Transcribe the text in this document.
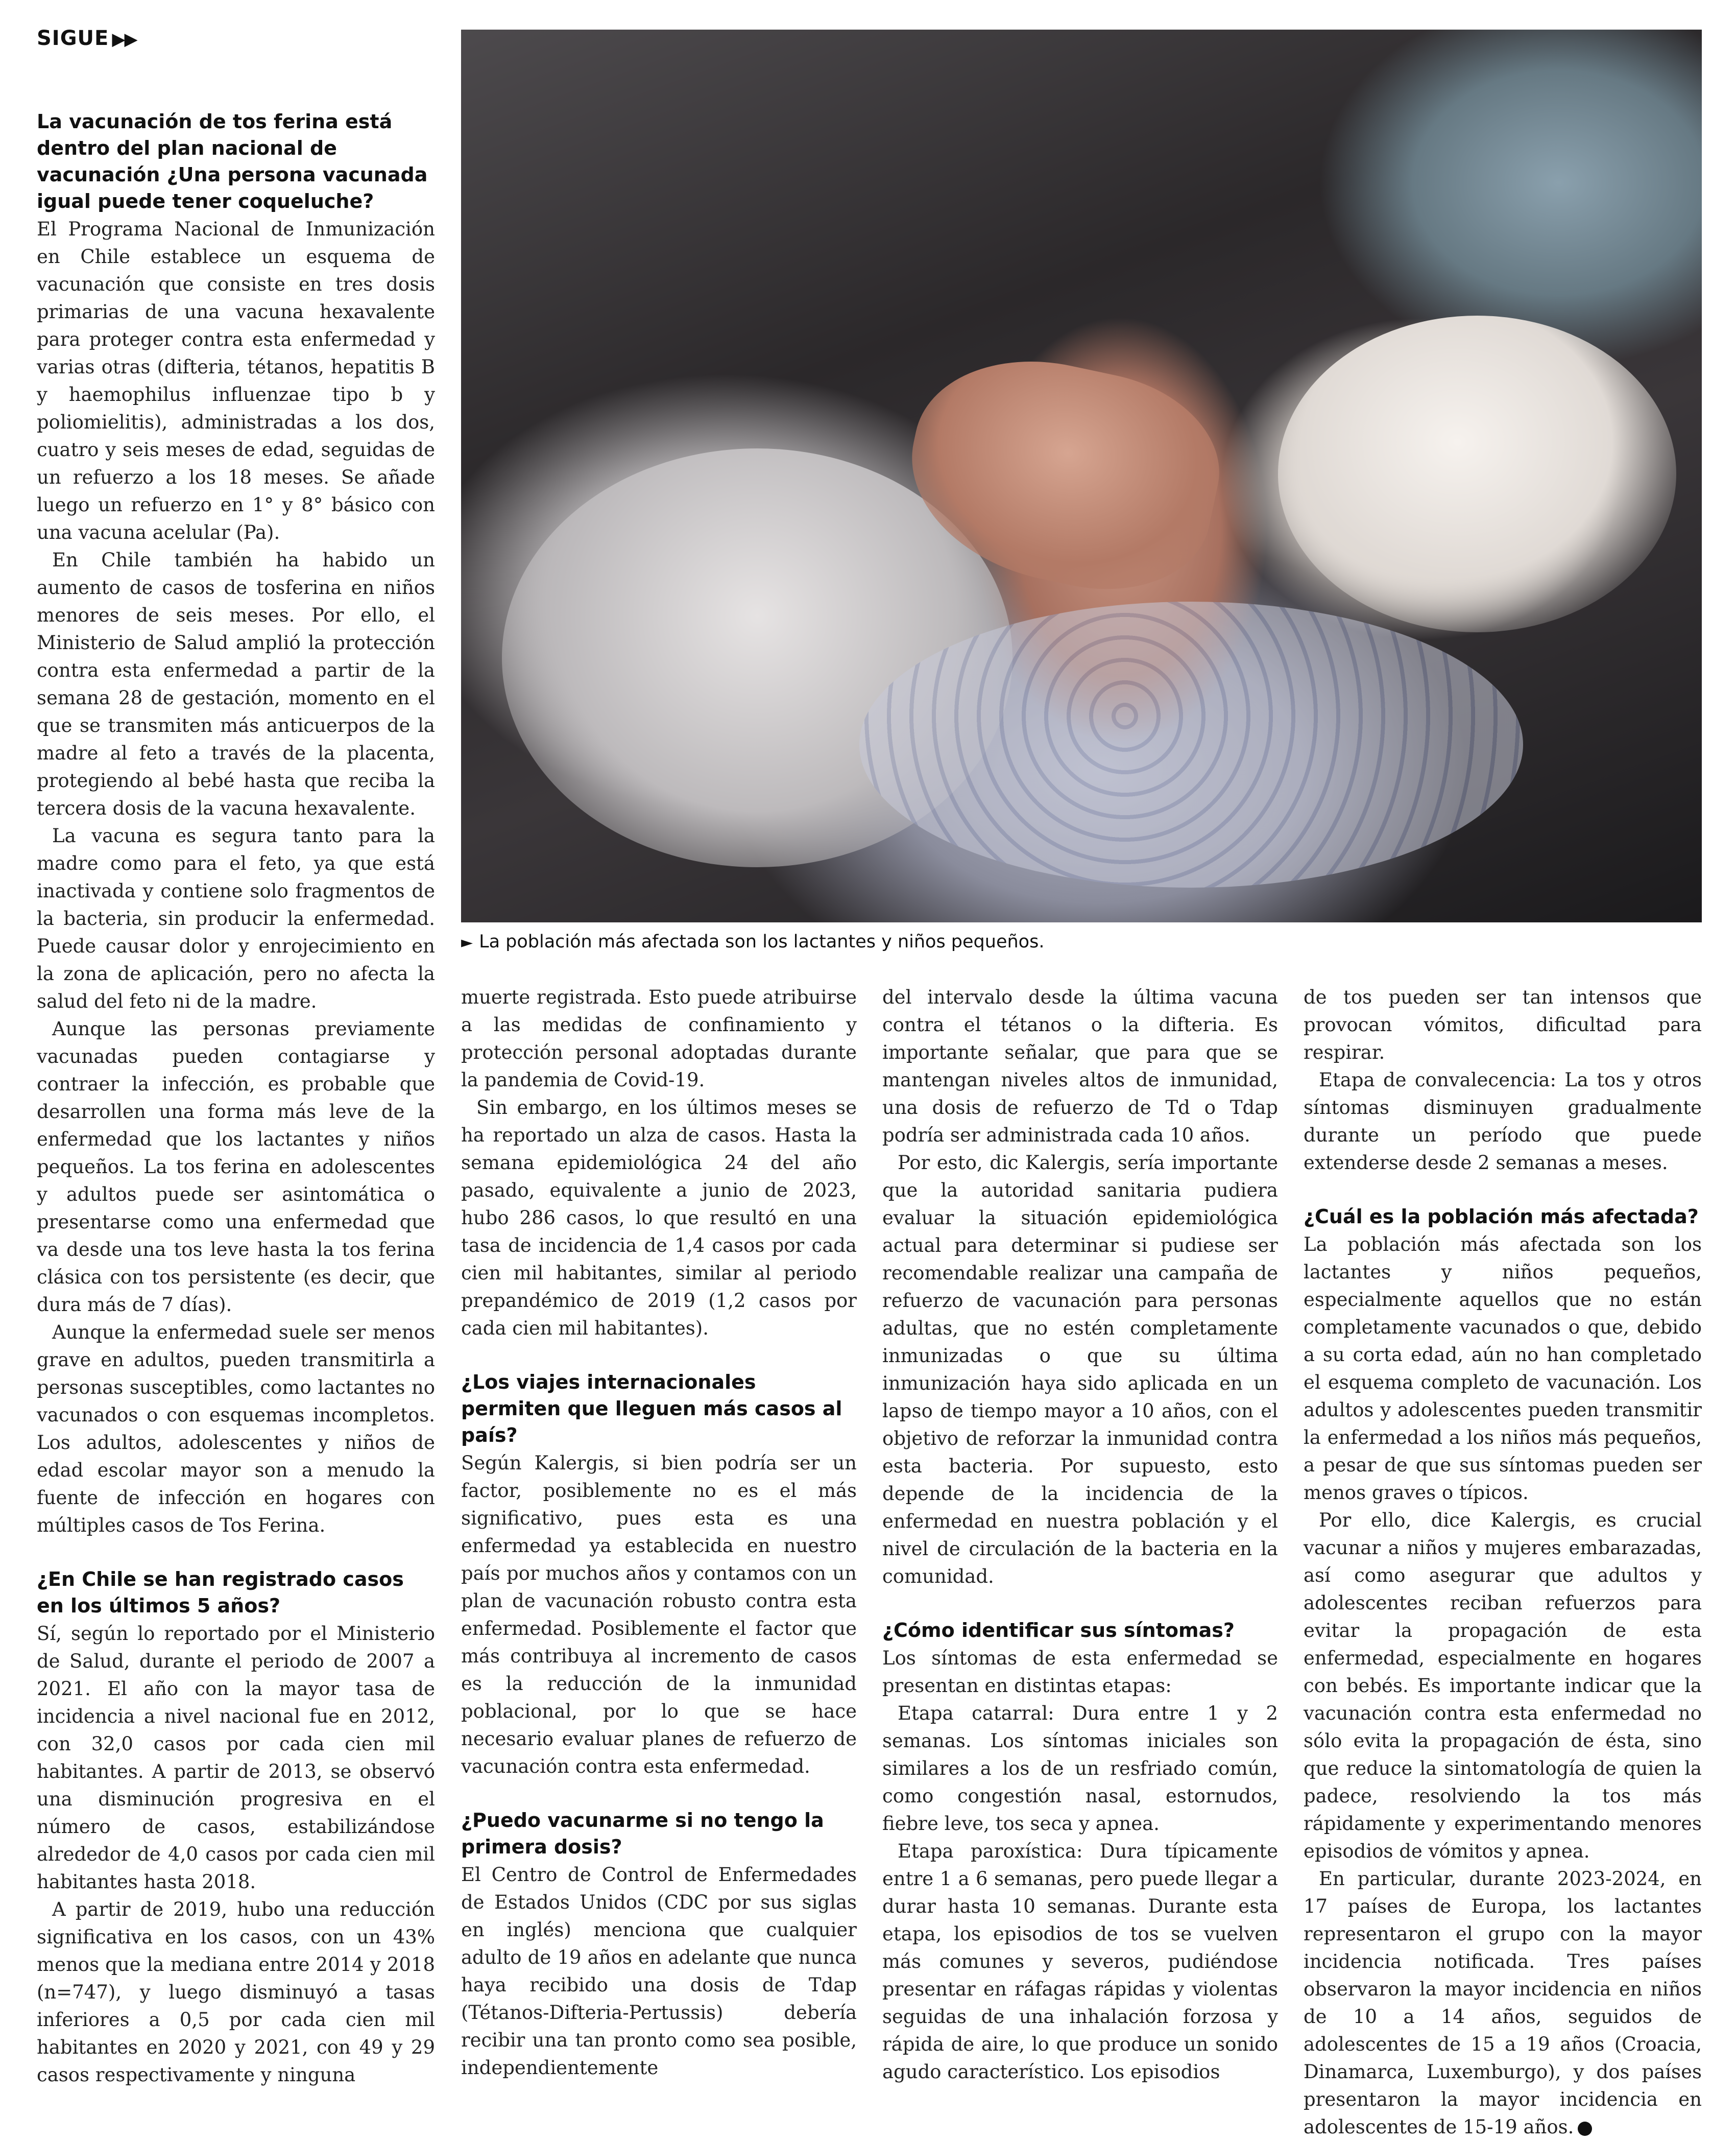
SIGUE ▶▶
► La población más afectada son los lactantes y niños pequeños.
La vacunación de tos ferina está dentro del plan nacional de vacunación ¿Una persona vacunada igual puede tener coqueluche?

El Programa Nacional de Inmunización en Chile establece un esquema de vacunación que consiste en tres dosis primarias de una vacuna hexavalente para proteger contra esta enfermedad y varias otras (difteria, tétanos, hepatitis B y haemophilus influenzae tipo b y poliomielitis), administradas a los dos, cuatro y seis meses de edad, seguidas de un refuerzo a los 18 meses. Se añade luego un refuerzo en 1° y 8° básico con una vacuna acelular (Pa).

En Chile también ha habido un aumento de casos de tosferina en niños menores de seis meses. Por ello, el Ministerio de Salud amplió la protección contra esta enfermedad a partir de la semana 28 de gestación, momento en el que se transmiten más anticuerpos de la madre al feto a través de la placenta, protegiendo al bebé hasta que reciba la tercera dosis de la vacuna hexavalente.

La vacuna es segura tanto para la madre como para el feto, ya que está inactivada y contiene solo fragmentos de la bacteria, sin producir la enfermedad. Puede causar dolor y enrojecimiento en la zona de aplicación, pero no afecta la salud del feto ni de la madre.

Aunque las personas previamente vacunadas pueden contagiarse y contraer la infección, es probable que desarrollen una forma más leve de la enfermedad que los lactantes y niños pequeños. La tos ferina en adolescentes y adultos puede ser asintomática o presentarse como una enfermedad que va desde una tos leve hasta la tos ferina clásica con tos persistente (es decir, que dura más de 7 días).

Aunque la enfermedad suele ser menos grave en adultos, pueden transmitirla a personas susceptibles, como lactantes no vacunados o con esquemas incompletos. Los adultos, adolescentes y niños de edad escolar mayor son a menudo la fuente de infección en hogares con múltiples casos de Tos Ferina.

¿En Chile se han registrado casos en los últimos 5 años?

Sí, según lo reportado por el Ministerio de Salud, durante el periodo de 2007 a 2021. El año con la mayor tasa de incidencia a nivel nacional fue en 2012, con 32,0 casos por cada cien mil habitantes. A partir de 2013, se observó una disminución progresiva en el número de casos, estabilizándose alrededor de 4,0 casos por cada cien mil habitantes hasta 2018.

A partir de 2019, hubo una reducción significativa en los casos, con un 43% menos que la mediana entre 2014 y 2018 (n=747), y luego disminuyó a tasas inferiores a 0,5 por cada cien mil habitantes en 2020 y 2021, con 49 y 29 casos respectivamente y ninguna

muerte registrada. Esto puede atribuirse a las medidas de confinamiento y protección personal adoptadas durante la pandemia de Covid-19.

Sin embargo, en los últimos meses se ha reportado un alza de casos. Hasta la semana epidemiológica 24 del año pasado, equivalente a junio de 2023, hubo 286 casos, lo que resultó en una tasa de incidencia de 1,4 casos por cada cien mil habitantes, similar al periodo prepandémico de 2019 (1,2 casos por cada cien mil habitantes).

¿Los viajes internacionales permiten que lleguen más casos al país?

Según Kalergis, si bien podría ser un factor, posiblemente no es el más significativo, pues esta es una enfermedad ya establecida en nuestro país por muchos años y contamos con un plan de vacunación robusto contra esta enfermedad. Posiblemente el factor que más contribuya al incremento de casos es la reducción de la inmunidad poblacional, por lo que se hace necesario evaluar planes de refuerzo de vacunación contra esta enfermedad.

¿Puedo vacunarme si no tengo la primera dosis?

El Centro de Control de Enfermedades de Estados Unidos (CDC por sus siglas en inglés) menciona que cualquier adulto de 19 años en adelante que nunca haya recibido una dosis de Tdap (Tétanos-Difteria-Pertussis) debería recibir una tan pronto como sea posible, independientemente

del intervalo desde la última vacuna contra el tétanos o la difteria. Es importante señalar, que para que se mantengan niveles altos de inmunidad, una dosis de refuerzo de Td o Tdap podría ser administrada cada 10 años.

Por esto, dic Kalergis, sería importante que la autoridad sanitaria pudiera evaluar la situación epidemiológica actual para determinar si pudiese ser recomendable realizar una campaña de refuerzo de vacunación para personas adultas, que no estén completamente inmunizadas o que su última inmunización haya sido aplicada en un lapso de tiempo mayor a 10 años, con el objetivo de reforzar la inmunidad contra esta bacteria. Por supuesto, esto depende de la incidencia de la enfermedad en nuestra población y el nivel de circulación de la bacteria en la comunidad.

¿Cómo identificar sus síntomas?

Los síntomas de esta enfermedad se presentan en distintas etapas:

Etapa catarral: Dura entre 1 y 2 semanas. Los síntomas iniciales son similares a los de un resfriado común, como congestión nasal, estornudos, fiebre leve, tos seca y apnea.

Etapa paroxística: Dura típicamente entre 1 a 6 semanas, pero puede llegar a durar hasta 10 semanas. Durante esta etapa, los episodios de tos se vuelven más comunes y severos, pudiéndose presentar en ráfagas rápidas y violentas seguidas de una inhalación forzosa y rápida de aire, lo que produce un sonido agudo característico. Los episodios

de tos pueden ser tan intensos que provocan vómitos, dificultad para respirar.

Etapa de convalecencia: La tos y otros síntomas disminuyen gradualmente durante un período que puede extenderse desde 2 semanas a meses.

¿Cuál es la población más afectada?

La población más afectada son los lactantes y niños pequeños, especialmente aquellos que no están completamente vacunados o que, debido a su corta edad, aún no han completado el esquema completo de vacunación. Los adultos y adolescentes pueden transmitir la enfermedad a los niños más pequeños, a pesar de que sus síntomas pueden ser menos graves o típicos.

Por ello, dice Kalergis, es crucial vacunar a niños y mujeres embarazadas, así como asegurar que adultos y adolescentes reciban refuerzos para evitar la propagación de esta enfermedad, especialmente en hogares con bebés. Es importante indicar que la vacunación contra esta enfermedad no sólo evita la propagación de ésta, sino que reduce la sintomatología de quien la padece, resolviendo la tos más rápidamente y experimentando menores episodios de vómitos y apnea.

En particular, durante 2023-2024, en 17 países de Europa, los lactantes representaron el grupo con la mayor incidencia notificada. Tres países observaron la mayor incidencia en niños de 10 a 14 años, seguidos de adolescentes de 15 a 19 años (Croacia, Dinamarca, Luxemburgo), y dos países presentaron la mayor incidencia en adolescentes de 15-19 años.
